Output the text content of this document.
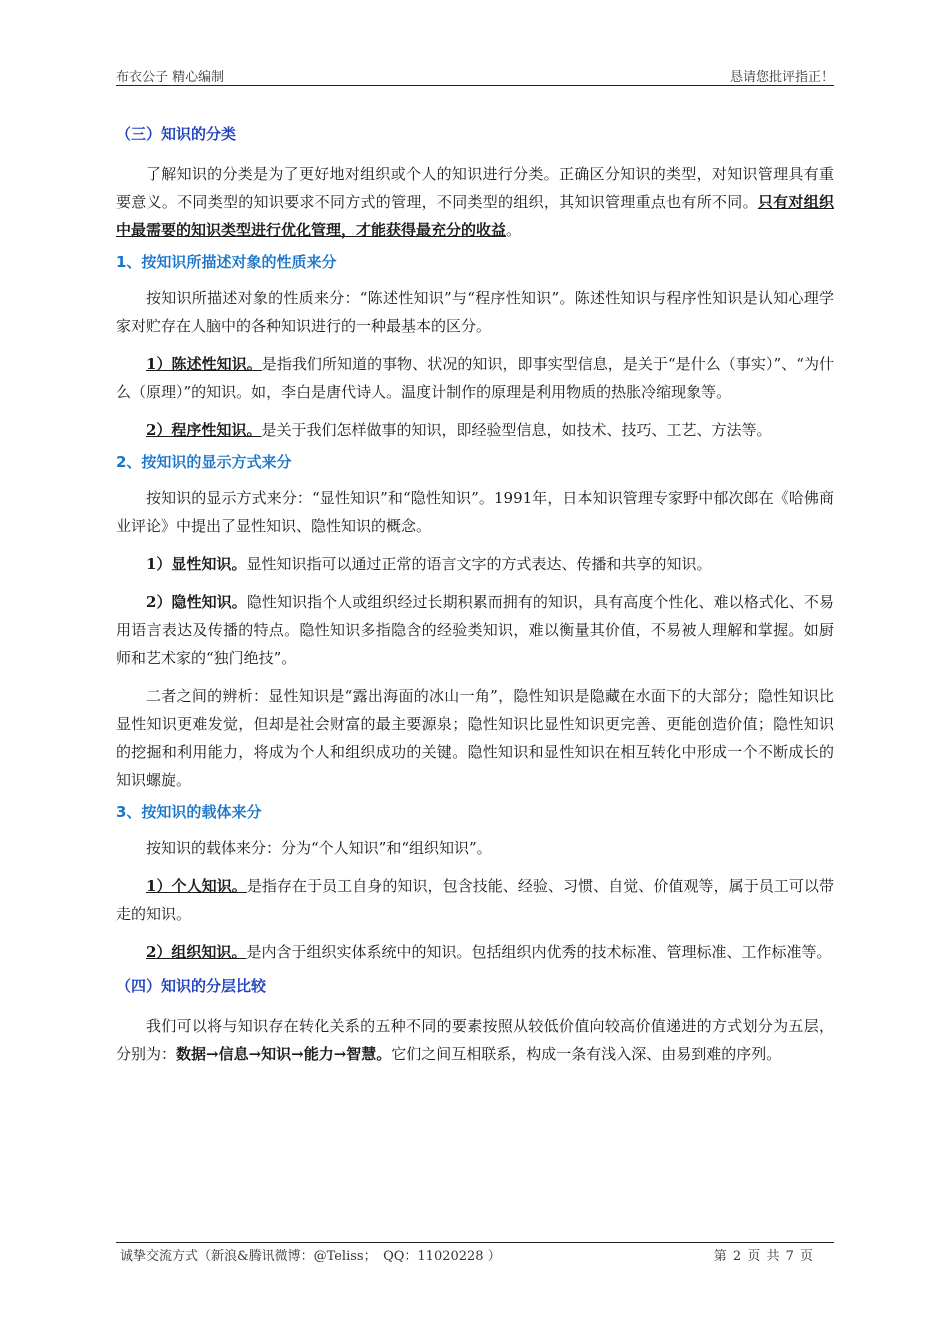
布衣公子 精心编制	恳请您批评指正！
（三）知识的分类

了解知识的分类是为了更好地对组织或个人的知识进行分类。正确区分知识的类型，对知识管理具有重要意义。不同类型的知识要求不同方式的管理，不同类型的组织，其知识管理重点也有所不同。只有对组织中最需要的知识类型进行优化管理，才能获得最充分的收益。

1、按知识所描述对象的性质来分

按知识所描述对象的性质来分：“陈述性知识”与“程序性知识”。陈述性知识与程序性知识是认知心理学家对贮存在人脑中的各种知识进行的一种最基本的区分。

1）陈述性知识。是指我们所知道的事物、状况的知识，即事实型信息，是关于“是什么（事实）”、“为什么（原理）”的知识。如，李白是唐代诗人。温度计制作的原理是利用物质的热胀冷缩现象等。

2）程序性知识。是关于我们怎样做事的知识，即经验型信息，如技术、技巧、工艺、方法等。

2、按知识的显示方式来分

按知识的显示方式来分：“显性知识”和“隐性知识”。1991年，日本知识管理专家野中郁次郎在《哈佛商业评论》中提出了显性知识、隐性知识的概念。

1）显性知识。显性知识指可以通过正常的语言文字的方式表达、传播和共享的知识。

2）隐性知识。隐性知识指个人或组织经过长期积累而拥有的知识，具有高度个性化、难以格式化、不易用语言表达及传播的特点。隐性知识多指隐含的经验类知识，难以衡量其价值，不易被人理解和掌握。如厨师和艺术家的“独门绝技”。

二者之间的辨析：显性知识是“露出海面的冰山一角”，隐性知识是隐藏在水面下的大部分；隐性知识比显性知识更难发觉，但却是社会财富的最主要源泉；隐性知识比显性知识更完善、更能创造价值；隐性知识的挖掘和利用能力，将成为个人和组织成功的关键。隐性知识和显性知识在相互转化中形成一个不断成长的知识螺旋。

3、按知识的载体来分

按知识的载体来分：分为“个人知识”和“组织知识”。

1）个人知识。是指存在于员工自身的知识，包含技能、经验、习惯、自觉、价值观等，属于员工可以带走的知识。

2）组织知识。是内含于组织实体系统中的知识。包括组织内优秀的技术标准、管理标准、工作标准等。

（四）知识的分层比较

我们可以将与知识存在转化关系的五种不同的要素按照从较低价值向较高价值递进的方式划分为五层，分别为：数据→信息→知识→能力→智慧。它们之间互相联系，构成一条有浅入深、由易到难的序列。

诚挚交流方式（新浪&腾讯微博：@Teliss；　QQ：11020228 ）	第 2 页 共 7 页
